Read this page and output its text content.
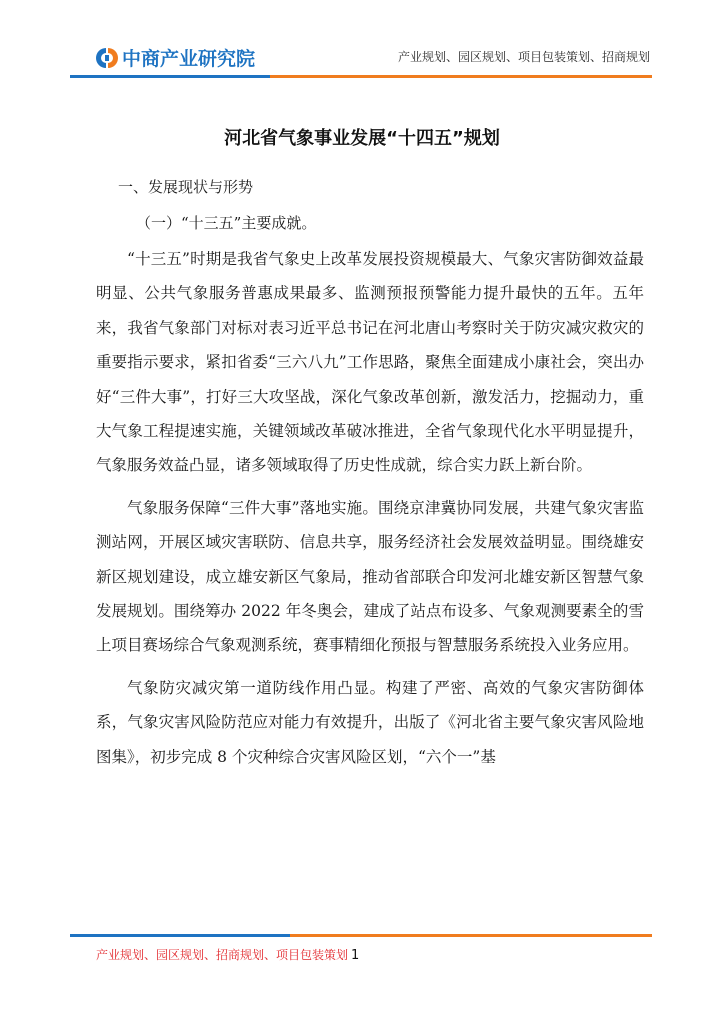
中商产业研究院	产业规划、园区规划、项目包装策划、招商规划
河北省气象事业发展“十四五”规划

一、发展现状与形势

（一）“十三五”主要成就。

“十三五”时期是我省气象史上改革发展投资规模最大、气象灾害防御效益最明显、公共气象服务普惠成果最多、监测预报预警能力提升最快的五年。五年来，我省气象部门对标对表习近平总书记在河北唐山考察时关于防灾减灾救灾的重要指示要求，紧扣省委“三六八九”工作思路，聚焦全面建成小康社会，突出办好“三件大事”，打好三大攻坚战，深化气象改革创新，激发活力，挖掘动力，重大气象工程提速实施，关键领域改革破冰推进，全省气象现代化水平明显提升，气象服务效益凸显，诸多领域取得了历史性成就，综合实力跃上新台阶。

气象服务保障“三件大事”落地实施。围绕京津冀协同发展，共建气象灾害监测站网，开展区域灾害联防、信息共享，服务经济社会发展效益明显。围绕雄安新区规划建设，成立雄安新区气象局，推动省部联合印发河北雄安新区智慧气象发展规划。围绕筹办 2022 年冬奥会，建成了站点布设多、气象观测要素全的雪上项目赛场综合气象观测系统，赛事精细化预报与智慧服务系统投入业务应用。

气象防灾减灾第一道防线作用凸显。构建了严密、高效的气象灾害防御体系，气象灾害风险防范应对能力有效提升，出版了《河北省主要气象灾害风险地图集》，初步完成 8 个灾种综合灾害风险区划，“六个一”基

产业规划、园区规划、招商规划、项目包装策划 1
